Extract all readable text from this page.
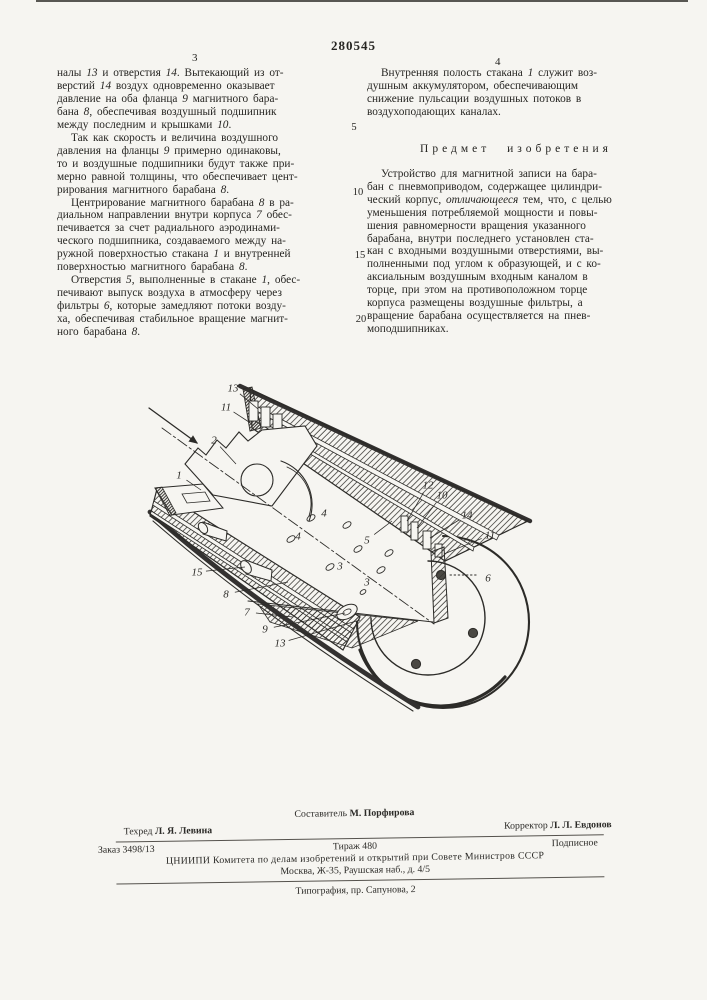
280545
3	4

налы 13 и отверстия 14. Вытекающий из от-
верстий 14 воздух одновременно оказывает
давление на оба фланца 9 магнитного бара-
бана 8, обеспечивая воздушный подшипник
между последним и крышками 10.

Так как скорость и величина воздушного
давления на фланцы 9 примерно одинаковы,
то и воздушные подшипники будут также при-
мерно равной толщины, что обеспечивает цент-
рирования магнитного барабана 8.

Центрирование магнитного барабана 8 в ра-
диальном направлении внутри корпуса 7 обес-
печивается за счет радиального аэродинами-
ческого подшипника, создаваемого между на-
ружной поверхностью стакана 1 и внутренней
поверхностью магнитного барабана 8.

Отверстия 5, выполненные в стакане 1, обес-
печивают выпуск воздуха в атмосферу через
фильтры 6, которые замедляют потоки возду-
ха, обеспечивая стабильное вращение магнит-
ного барабана 8.

Внутренняя полость стакана 1 служит воз-
душным аккумулятором, обеспечивающим
снижение пульсации воздушных потоков в
воздухоподающих каналах.

Предмет изобретения

Устройство для магнитной записи на бара-
бан с пневмоприводом, содержащее цилиндри-
ческий корпус, отличающееся тем, что, с целью
уменьшения потребляемой мощности и повы-
шения равномерности вращения указанного
барабана, внутри последнего установлен ста-
кан с входными воздушными отверстиями, вы-
полненными под углом к образующей, и с ко-
аксиальным воздушным входным каналом в
торце, при этом на противоположном торце
корпуса размещены воздушные фильтры, а
вращение барабана осуществляется на пнев-
моподшипниках.

5
10
15
20
13
11
2
1
12
10
14
11
5
4
4
3
3	6
15
8
7
9
13
Составитель М. Порфирова
Техред Л. Я. Левина	Корректор Л. Л. Евдонов
Заказ 3498/13	Тираж 480	Подписное
ЦНИИПИ Комитета по делам изобретений и открытий при Совете Министров СССР
Москва, Ж-35, Раушская наб., д. 4/5
Типография, пр. Сапунова, 2
